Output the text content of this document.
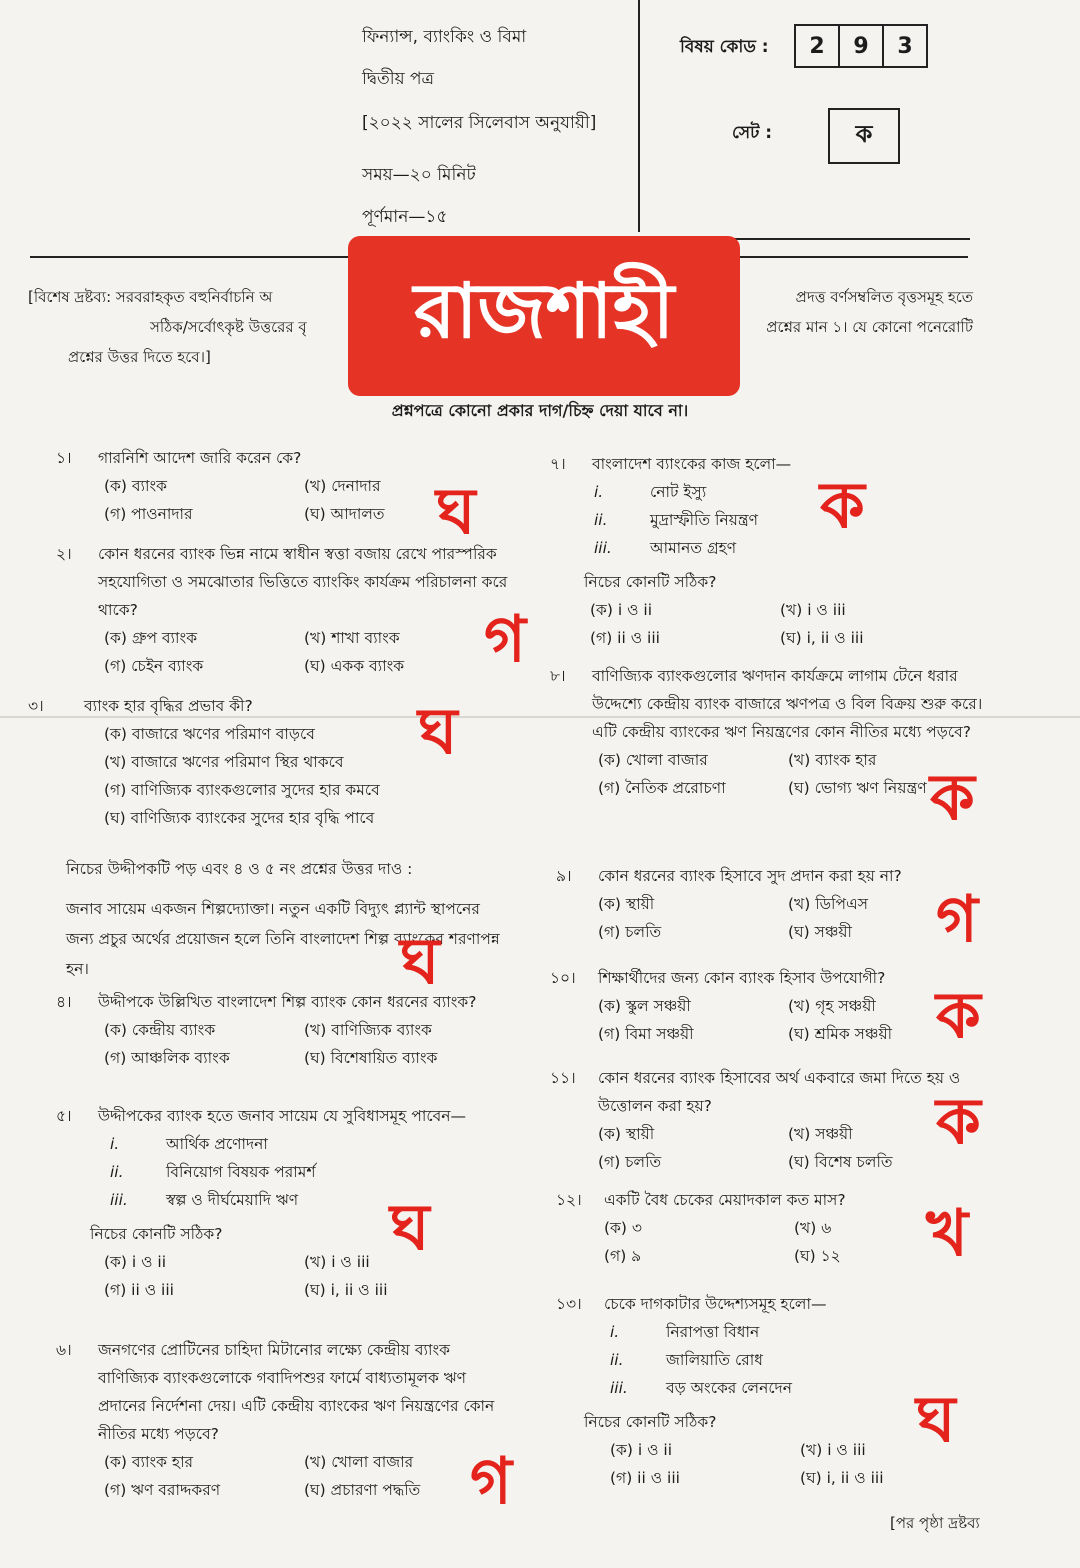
ফিন্যান্স, ব্যাংকিং ও বিমা
দ্বিতীয় পত্র
[২০২২ সালের সিলেবাস অনুযায়ী]
সময়—২০ মিনিট
পূর্ণমান—১৫
বিষয় কোড :	2	9	3
সেট :	ক
[বিশেষ দ্রষ্টব্য: সরবরাহকৃত বহুনির্বাচনি অ	প্রদত্ত বর্ণসম্বলিত বৃত্তসমূহ হতে
সঠিক/সর্বোৎকৃষ্ট উত্তরের বৃ	প্রশ্নের মান ১। যে কোনো পনেরোটি
প্রশ্নের উত্তর দিতে হবে।]
রাজশাহী
প্রশ্নপত্রে কোনো প্রকার দাগ/চিহ্ন দেয়া যাবে না।
১।	গারনিশি আদেশ জারি করেন কে?
(ক) ব্যাংক	(খ) দেনাদার
(গ) পাওনাদার	(ঘ) আদালত ঘ
২।	কোন ধরনের ব্যাংক ভিন্ন নামে স্বাধীন স্বত্তা বজায় রেখে পারস্পরিক সহযোগিতা ও সমঝোতার ভিত্তিতে ব্যাংকিং কার্যক্রম পরিচালনা করে থাকে?
(ক) গ্রুপ ব্যাংক	(খ) শাখা ব্যাংক
(গ) চেইন ব্যাংক	(ঘ) একক ব্যাংক	গ
৩।	ব্যাংক হার বৃদ্ধির প্রভাব কী?
(ক) বাজারে ঋণের পরিমাণ বাড়বে
(খ) বাজারে ঋণের পরিমাণ স্থির থাকবে
(গ) বাণিজ্যিক ব্যাংকগুলোর সুদের হার কমবে
(ঘ) বাণিজ্যিক ব্যাংকের সুদের হার বৃদ্ধি পাবে
ঘ
নিচের উদ্দীপকটি পড় এবং ৪ ও ৫ নং প্রশ্নের উত্তর দাও :
জনাব সায়েম একজন শিল্পদ্যোক্তা। নতুন একটি বিদ্যুৎ প্ল্যান্ট স্থাপনের জন্য প্রচুর অর্থের প্রয়োজন হলে তিনি বাংলাদেশ শিল্প ব্যাংকের শরণাপন্ন হন।	ঘ
৪।	উদ্দীপকে উল্লিখিত বাংলাদেশ শিল্প ব্যাংক কোন ধরনের ব্যাংক?
(ক) কেন্দ্রীয় ব্যাংক	(খ) বাণিজ্যিক ব্যাংক
(গ) আঞ্চলিক ব্যাংক	(ঘ) বিশেষায়িত ব্যাংক
৫।	উদ্দীপকের ব্যাংক হতে জনাব সায়েম যে সুবিধাসমূহ পাবেন—
i.	আর্থিক প্রণোদনা
ii.	বিনিয়োগ বিষয়ক পরামর্শ
iii.	স্বল্প ও দীর্ঘমেয়াদি ঋণ
নিচের কোনটি সঠিক?
(ক) i ও ii	(খ) i ও iii
(গ) ii ও iii	(ঘ) i, ii ও iii
ঘ
৬।	জনগণের প্রোটিনের চাহিদা মিটানোর লক্ষ্যে কেন্দ্রীয় ব্যাংক বাণিজ্যিক ব্যাংকগুলোকে গবাদিপশুর ফার্মে বাধ্যতামূলক ঋণ প্রদানের নির্দেশনা দেয়। এটি কেন্দ্রীয় ব্যাংকের ঋণ নিয়ন্ত্রণের কোন নীতির মধ্যে পড়বে?
(ক) ব্যাংক হার	(খ) খোলা বাজার
(গ) ঋণ বরাদ্দকরণ	(ঘ) প্রচারণা পদ্ধতি গ
৭।	বাংলাদেশ ব্যাংকের কাজ হলো—
i.	নোট ইস্যু
ii.	মুদ্রাস্ফীতি নিয়ন্ত্রণ
iii.	আমানত গ্রহণ
নিচের কোনটি সঠিক?
(ক) i ও ii	(খ) i ও iii
(গ) ii ও iii	(ঘ) i, ii ও iii
ক
৮।	বাণিজ্যিক ব্যাংকগুলোর ঋণদান কার্যক্রমে লাগাম টেনে ধরার উদ্দেশ্যে কেন্দ্রীয় ব্যাংক বাজারে ঋণপত্র ও বিল বিক্রয় শুরু করে। এটি কেন্দ্রীয় ব্যাংকের ঋণ নিয়ন্ত্রণের কোন নীতির মধ্যে পড়বে?
(ক) খোলা বাজার	(খ) ব্যাংক হার
(গ) নৈতিক প্ররোচণা	(ঘ) ভোগ্য ঋণ নিয়ন্ত্রণ ক
৯।	কোন ধরনের ব্যাংক হিসাবে সুদ প্রদান করা হয় না?
(ক) স্থায়ী	(খ) ডিপিএস
(গ) চলতি	(ঘ) সঞ্চয়ী	গ
১০।	শিক্ষার্থীদের জন্য কোন ব্যাংক হিসাব উপযোগী?
(ক) স্কুল সঞ্চয়ী	(খ) গৃহ সঞ্চয়ী
(গ) বিমা সঞ্চয়ী	(ঘ) শ্রমিক সঞ্চয়ী ক
১১।	কোন ধরনের ব্যাংক হিসাবের অর্থ একবারে জমা দিতে হয় ও উত্তোলন করা হয়?
(ক) স্থায়ী	(খ) সঞ্চয়ী
(গ) চলতি	(ঘ) বিশেষ চলতি
ক
১২।	একটি বৈধ চেকের মেয়াদকাল কত মাস?
(ক) ৩	(খ) ৬
(গ) ৯	(ঘ) ১২	খ
১৩।	চেকে দাগকাটার উদ্দেশ্যসমূহ হলো—
i.	নিরাপত্তা বিধান
ii.	জালিয়াতি রোধ
iii.	বড় অংকের লেনদেন
নিচের কোনটি সঠিক?
(ক) i ও ii	(খ) i ও iii
(গ) ii ও iii	(ঘ) i, ii ও iii
ঘ
[পর পৃষ্ঠা দ্রষ্টব্য
